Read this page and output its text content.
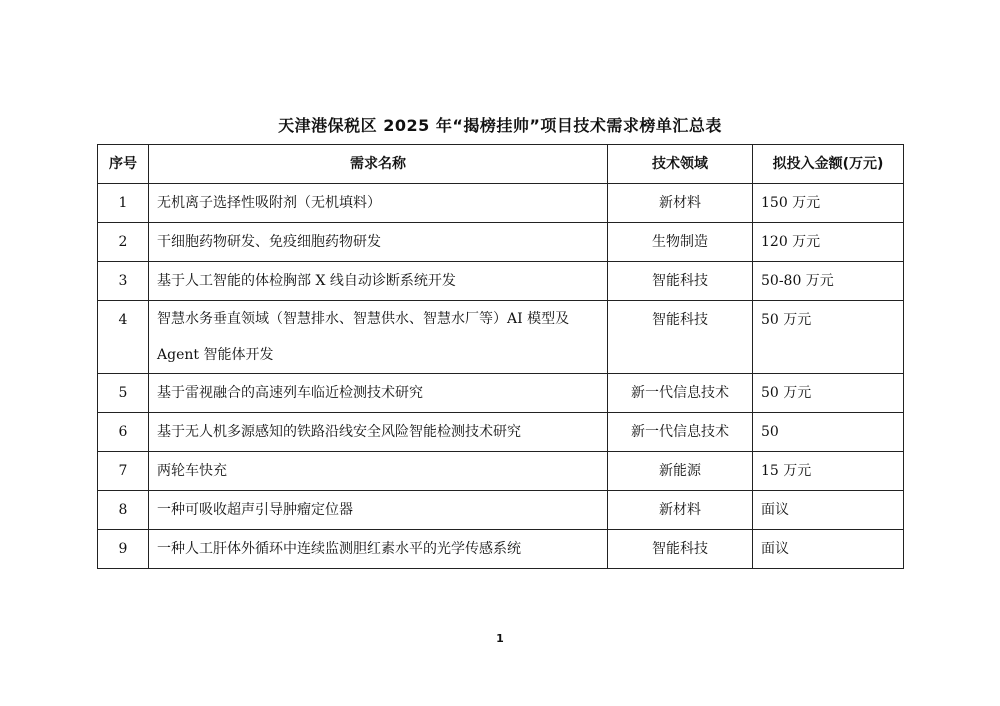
天津港保税区 2025 年“揭榜挂帅”项目技术需求榜单汇总表
序号	需求名称	技术领域	拟投入金额(万元)
1	无机离子选择性吸附剂（无机填料）	新材料	150 万元
2	干细胞药物研发、免疫细胞药物研发	生物制造	120 万元
3	基于人工智能的体检胸部 X 线自动诊断系统开发	智能科技	50-80 万元
4	智慧水务垂直领域（智慧排水、智慧供水、智慧水厂等）AI 模型及 Agent 智能体开发	智能科技	50 万元
5	基于雷视融合的高速列车临近检测技术研究	新一代信息技术	50 万元
6	基于无人机多源感知的铁路沿线安全风险智能检测技术研究	新一代信息技术	50
7	两轮车快充	新能源	15 万元
8	一种可吸收超声引导肿瘤定位器	新材料	面议
9	一种人工肝体外循环中连续监测胆红素水平的光学传感系统	智能科技	面议
1
